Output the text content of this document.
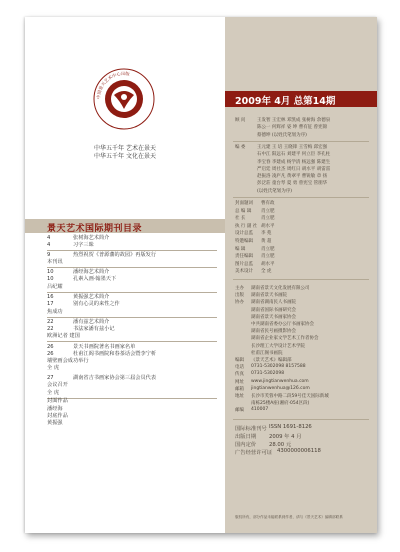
中国景天艺术中心出版
中华五千年 艺术在景天
中华五千年 文化在景天
景天艺术国际期刊目录
4	张树海艺术简介
4	习字三昧
9	热烈祝贺《普源藩的故园》再版发行
本刊讯
10	潘经海艺术简介
10	孔素入画·翰墨天下
吕纪耀
16	黄振强艺术简介
17	别有心灵的来性之作
焦成功
22	潘有兹艺术简介
22	书法家潘有兹小记
欧洲记者 建国
26	景天书画院著名书画家名单
26	杜甫江阁书画院和春茶话会暨李宁析
墙壁画会成功举行
全 虎
27	湖南省吉书画家协会第三届会员代表
会议召开
全 虎
封面作品
潘经海
封底作品
黄振强
2009年 4月 总第14期
顾 问	王发智 王宏林 邓凯成 张树海 余德泉
陈公一 何辉祥 姿 坤 曹有征 曾宪锦
蔡德坤 (以姓氏笔划为序)
编 委	王元建 王 培 王晓锋 王雪梅 邱宏强
石中江 阳远石 刘建平 何立臣 李孔柱
李宝春 李建成 杨学清 杨远强 陈建生
严启廷 周社杰 周红日 胡水平 胡雷雷
赵振洛 凌庐凡 黄翠平 曹锐敏 章 扬
彭泛莊 童台琴 夏 勇 曾宪宝 管朋华
(以姓氏笔划为序)
封面题词 曹有政
总 编 辑 肖立肥
社 长	肖立肥
执 行 副 社 胡水平
设计总监 李 苑
特邀编辑 黄 超
编 辑	肖立肥
责任编辑 肖立肥
图片总监 胡水平
美术设计 全 虎
主办 湖南省景天文化发展有限公司
出版 湖南省景天书画院
协办 湖南省湖南民人书画院
湖南省国际书画研究会
湖南省景天书画家协会
中共湖南省委办公厅书画家协会
湖南省民号画摄影协会
湖南省企业家文学艺术工作者协会
长沙理工大学设计艺术学院
杜甫江阁书画院
编辑 《景天艺术》编辑部
电话 0731-5302098 8157588
传真 0731-5302098
网址 www.jingtianwenhua.com
邮箱 jingtianwenhua@126.com
地址 长沙市芙蓉中路二段59号佳天国际新城
南栋25楼A座(湘府·054区段)
邮编 410007
国际标准刊号 ISSN 1691-8126
出版日期 2009 年 4 月
国内定价 28.00 元
广告经营许可证 4300000006118
版权所有，部分作品未能联系到作者，请与《景天艺术》编辑部联系
